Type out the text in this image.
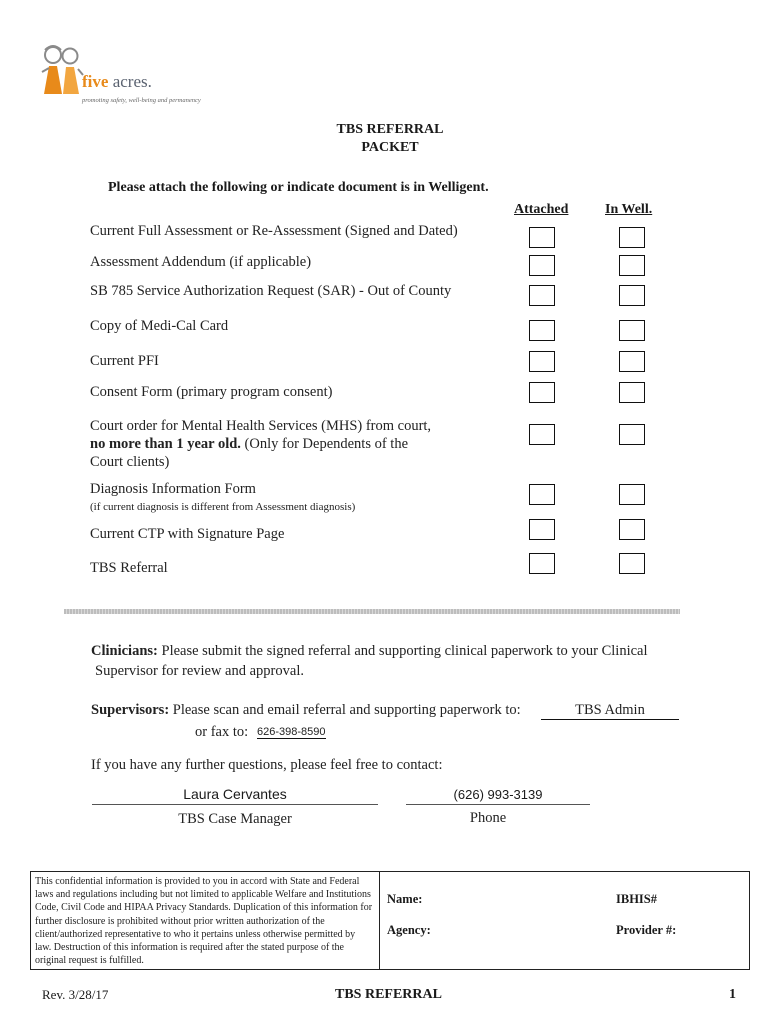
five acres.
promoting safety, well-being and permanency
TBS REFERRAL
PACKET
Please attach the following or indicate document is in Welligent.
Attached	In Well.
Current Full Assessment or Re-Assessment (Signed and Dated)
Assessment Addendum (if applicable)
SB 785 Service Authorization Request (SAR) - Out of County
Copy of Medi-Cal Card
Current PFI
Consent Form (primary program consent)
Court order for Mental Health Services (MHS) from court,
no more than 1 year old. (Only for Dependents of the
Court clients)
Diagnosis Information Form
(if current diagnosis is different from Assessment diagnosis)
Current CTP with Signature Page
TBS Referral
Clinicians: Please submit the signed referral and supporting clinical paperwork to your Clinical
Supervisor for review and approval.
Supervisors: Please scan and email referral and supporting paperwork to:	TBS Admin
or fax to: 626-398-8590
If you have any further questions, please feel free to contact:
Laura Cervantes
TBS Case Manager
(626) 993-3139
Phone
This confidential information is provided to you in accord with State and Federal laws and regulations including but not limited to applicable Welfare and Institutions Code, Civil Code and HIPAA Privacy Standards. Duplication of this information for further disclosure is prohibited without prior written authorization of the client/authorized representative to who it pertains unless otherwise permitted by law. Destruction of this information is required after the stated purpose of the original request is fulfilled.
Name:	IBHIS#
Agency:	Provider #:
Rev. 3/28/17	TBS REFERRAL	1
